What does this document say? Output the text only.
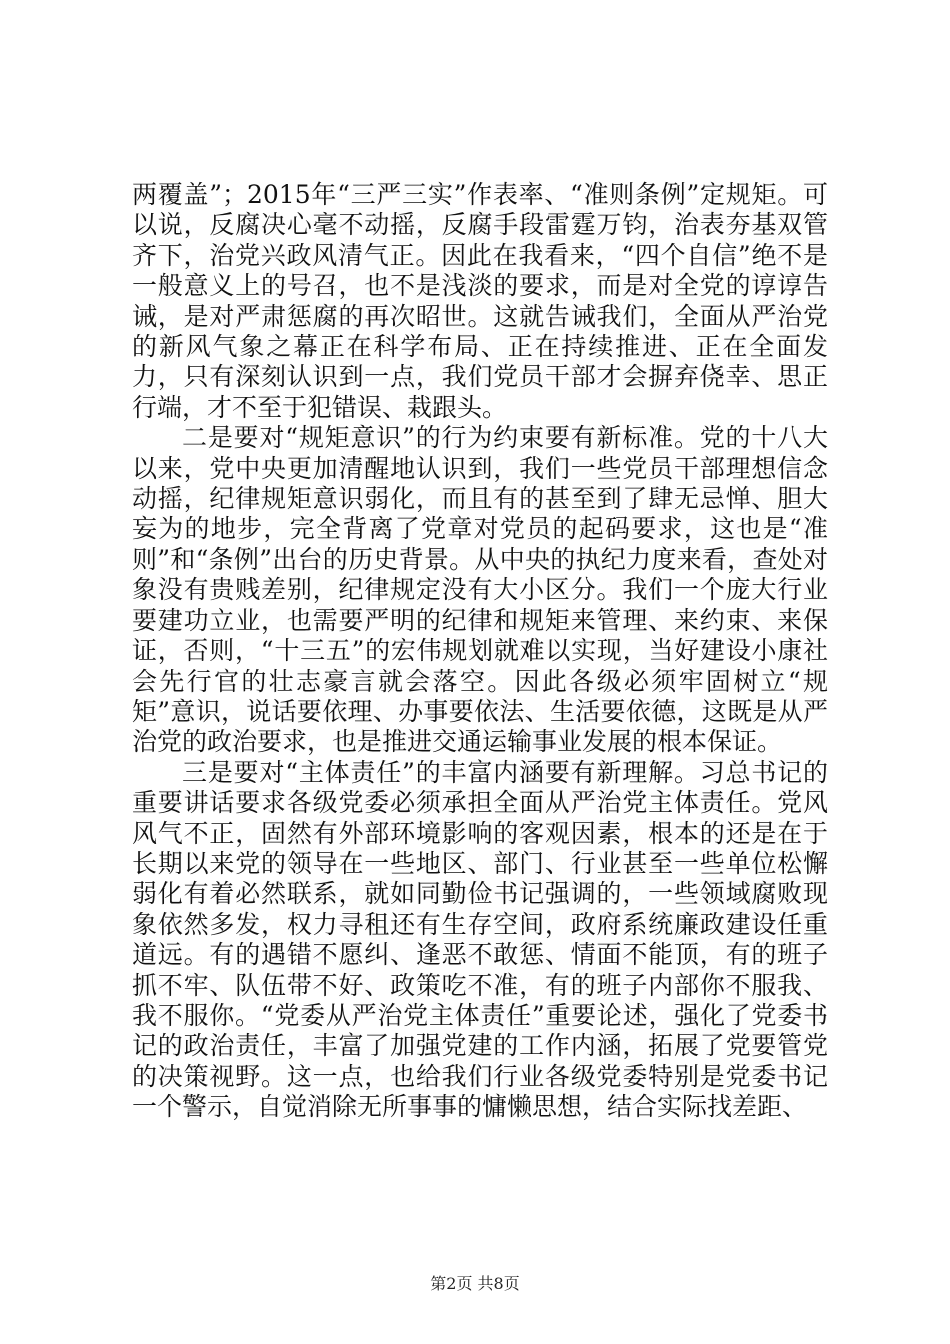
两覆盖”；2015年“三严三实”作表率、“准则条例”定规矩。可以说，反腐决心毫不动摇，反腐手段雷霆万钧，治表夯基双管齐下，治党兴政风清气正。因此在我看来，“四个自信”绝不是一般意义上的号召，也不是浅淡的要求，而是对全党的谆谆告诫，是对严肃惩腐的再次昭世。这就告诫我们，全面从严治党的新风气象之幕正在科学布局、正在持续推进、正在全面发力，只有深刻认识到一点，我们党员干部才会摒弃侥幸、思正行端，才不至于犯错误、栽跟头。

二是要对“规矩意识”的行为约束要有新标准。党的十八大以来，党中央更加清醒地认识到，我们一些党员干部理想信念动摇，纪律规矩意识弱化，而且有的甚至到了肆无忌惮、胆大妄为的地步，完全背离了党章对党员的起码要求，这也是“准则”和“条例”出台的历史背景。从中央的执纪力度来看，查处对象没有贵贱差别，纪律规定没有大小区分。我们一个庞大行业要建功立业，也需要严明的纪律和规矩来管理、来约束、来保证，否则，“十三五”的宏伟规划就难以实现，当好建设小康社会先行官的壮志豪言就会落空。因此各级必须牢固树立“规矩”意识，说话要依理、办事要依法、生活要依德，这既是从严治党的政治要求，也是推进交通运输事业发展的根本保证。

三是要对“主体责任”的丰富内涵要有新理解。习总书记的重要讲话要求各级党委必须承担全面从严治党主体责任。党风风气不正，固然有外部环境影响的客观因素，根本的还是在于长期以来党的领导在一些地区、部门、行业甚至一些单位松懈弱化有着必然联系，就如同勤俭书记强调的，一些领域腐败现象依然多发，权力寻租还有生存空间，政府系统廉政建设任重道远。有的遇错不愿纠、逢恶不敢惩、情面不能顶，有的班子抓不牢、队伍带不好、政策吃不准，有的班子内部你不服我、我不服你。“党委从严治党主体责任”重要论述，强化了党委书记的政治责任，丰富了加强党建的工作内涵，拓展了党要管党的决策视野。这一点，也给我们行业各级党委特别是党委书记一个警示，自觉消除无所事事的慵懒思想，结合实际找差距、

第2页 共8页
